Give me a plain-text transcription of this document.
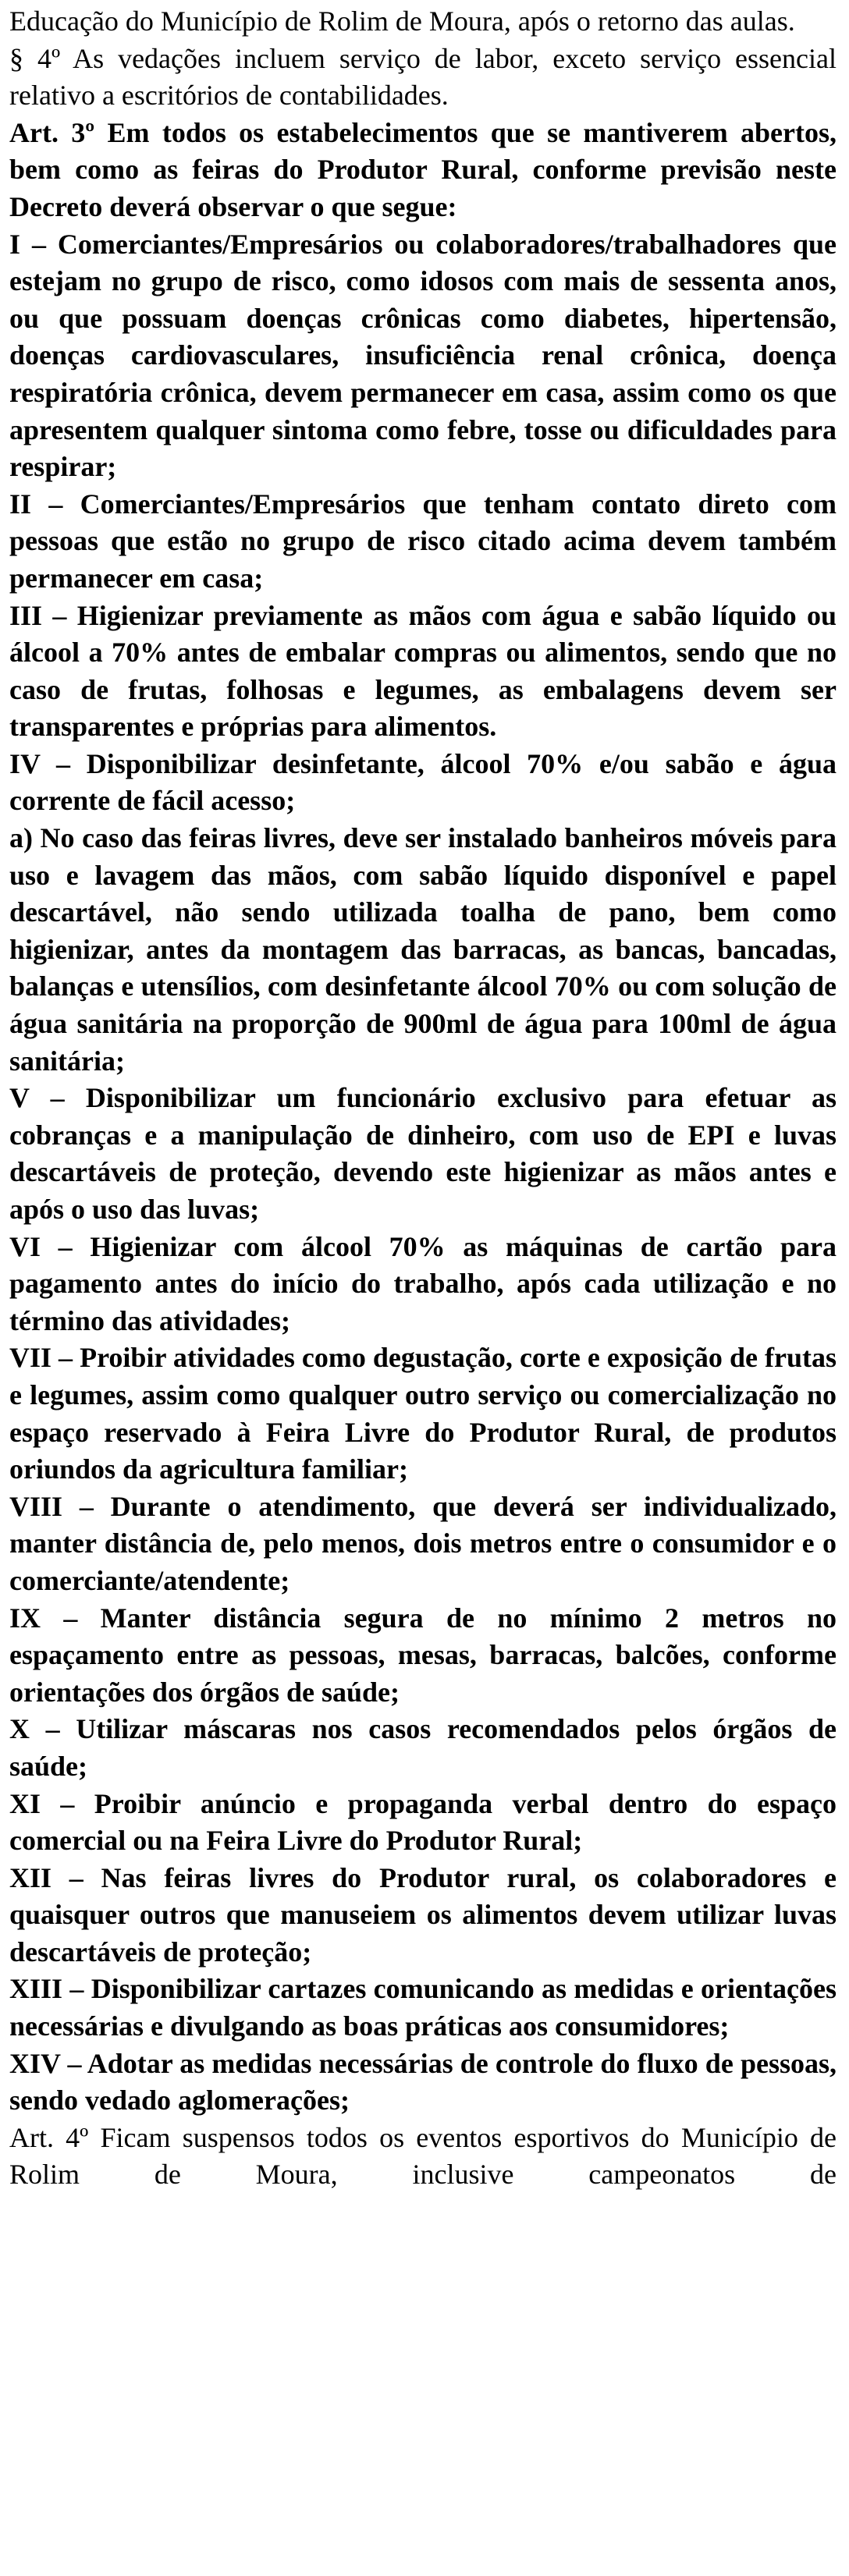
Educação do Município de Rolim de Moura, após o retorno das aulas.

§ 4º As vedações incluem serviço de labor, exceto serviço essencial relativo a escritórios de contabilidades.

Art. 3º Em todos os estabelecimentos que se mantiverem abertos, bem como as feiras do Produtor Rural, conforme previsão neste Decreto deverá observar o que segue:

I – Comerciantes/Empresários ou colaboradores/trabalhadores que estejam no grupo de risco, como idosos com mais de sessenta anos, ou que possuam doenças crônicas como diabetes, hipertensão, doenças cardiovasculares, insuficiência renal crônica, doença respiratória crônica, devem permanecer em casa, assim como os que apresentem qualquer sintoma como febre, tosse ou dificuldades para respirar;

II – Comerciantes/Empresários que tenham contato direto com pessoas que estão no grupo de risco citado acima devem também permanecer em casa;

III – Higienizar previamente as mãos com água e sabão líquido ou álcool a 70% antes de embalar compras ou alimentos, sendo que no caso de frutas, folhosas e legumes, as embalagens devem ser transparentes e próprias para alimentos.

IV – Disponibilizar desinfetante, álcool 70% e/ou sabão e água corrente de fácil acesso;

a) No caso das feiras livres, deve ser instalado banheiros móveis para uso e lavagem das mãos, com sabão líquido disponível e papel descartável, não sendo utilizada toalha de pano, bem como higienizar, antes da montagem das barracas, as bancas, bancadas, balanças e utensílios, com desinfetante álcool 70% ou com solução de água sanitária na proporção de 900ml de água para 100ml de água sanitária;

V – Disponibilizar um funcionário exclusivo para efetuar as cobranças e a manipulação de dinheiro, com uso de EPI e luvas descartáveis de proteção, devendo este higienizar as mãos antes e após o uso das luvas;

VI – Higienizar com álcool 70% as máquinas de cartão para pagamento antes do início do trabalho, após cada utilização e no término das atividades;

VII – Proibir atividades como degustação, corte e exposição de frutas e legumes, assim como qualquer outro serviço ou comercialização no espaço reservado à Feira Livre do Produtor Rural, de produtos oriundos da agricultura familiar;

VIII – Durante o atendimento, que deverá ser individualizado, manter distância de, pelo menos, dois metros entre o consumidor e o comerciante/atendente;

IX – Manter distância segura de no mínimo 2 metros no espaçamento entre as pessoas, mesas, barracas, balcões, conforme orientações dos órgãos de saúde;

X – Utilizar máscaras nos casos recomendados pelos órgãos de saúde;

XI – Proibir anúncio e propaganda verbal dentro do espaço comercial ou na Feira Livre do Produtor Rural;

XII – Nas feiras livres do Produtor rural, os colaboradores e quaisquer outros que manuseiem os alimentos devem utilizar luvas descartáveis de proteção;

XIII – Disponibilizar cartazes comunicando as medidas e orientações necessárias e divulgando as boas práticas aos consumidores;

XIV – Adotar as medidas necessárias de controle do fluxo de pessoas, sendo vedado aglomerações;

Art. 4º Ficam suspensos todos os eventos esportivos do Município de Rolim de Moura, inclusive campeonatos de
